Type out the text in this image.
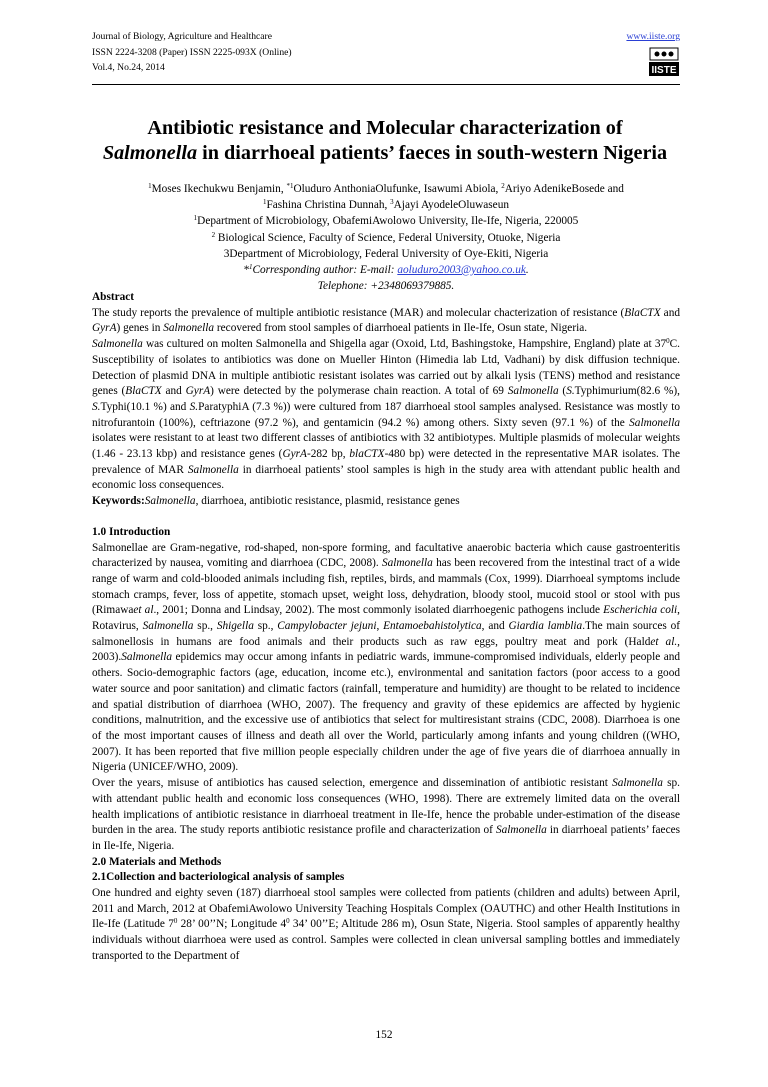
Journal of Biology, Agriculture and Healthcare	www.iiste.org
ISSN 2224-3208 (Paper) ISSN 2225-093X (Online)
Vol.4, No.24, 2014	IISTE
Antibiotic resistance and Molecular characterization of
Salmonella in diarrhoeal patients’ faeces in south-western Nigeria
$^1$Moses Ikechukwu Benjamin, $^{*1}$Oluduro AnthoniaOlufunke, Isawumi Abiola, $^2$Ariyo AdenikeBosede and
$^1$Fashina Christina Dunnah, $^3$Ajayi AyodeleOluwaseun
$^1$Department of Microbiology, ObafemiAwolowo University, Ile-Ife, Nigeria, 220005
$^2$ Biological Science, Faculty of Science, Federal University, Otuoke, Nigeria
3Department of Microbiology, Federal University of Oye-Ekiti, Nigeria
*$^1$Corresponding author: E-mail: aoluduro2003@yahoo.co.uk.
Telephone: +2348069379885.

Abstract

The study reports the prevalence of multiple antibiotic resistance (MAR) and molecular chacterization of resistance (BlaCTX and GyrA) genes in Salmonella recovered from stool samples of diarrhoeal patients in Ile-Ife, Osun state, Nigeria.

Salmonella was cultured on molten Salmonella and Shigella agar (Oxoid, Ltd, Bashingstoke, Hampshire, England) plate at $37^0C$. Susceptibility of isolates to antibiotics was done on Mueller Hinton (Himedia lab Ltd, Vadhani) by disk diffusion technique. Detection of plasmid DNA in multiple antibiotic resistant isolates was carried out by alkali lysis (TENS) method and resistance genes (BlaCTX and GyrA) were detected by the polymerase chain reaction. A total of 69 Salmonella (S.Typhimurium(82.6 %), S.Typhi(10.1 %) and S.ParatyphiA (7.3 %)) were cultured from 187 diarrhoeal stool samples analysed. Resistance was mostly to nitrofurantoin (100%), ceftriazone (97.2 %), and gentamicin (94.2 %) among others. Sixty seven (97.1 %) of the Salmonella isolates were resistant to at least two different classes of antibiotics with 32 antibiotypes. Multiple plasmids of molecular weights (1.46 - 23.13 kbp) and resistance genes (GyrA-282 bp, blaCTX-480 bp) were detected in the representative MAR isolates. The prevalence of MAR Salmonella in diarrhoeal patients’ stool samples is high in the study area with attendant public health and economic loss consequences.

Keywords:Salmonella, diarrhoea, antibiotic resistance, plasmid, resistance genes

1.0 Introduction

Salmonellae are Gram-negative, rod-shaped, non-spore forming, and facultative anaerobic bacteria which cause gastroenteritis characterized by nausea, vomiting and diarrhoea (CDC, 2008). Salmonella has been recovered from the intestinal tract of a wide range of warm and cold-blooded animals including fish, reptiles, birds, and mammals (Cox, 1999). Diarrhoeal symptoms include stomach cramps, fever, loss of appetite, stomach upset, weight loss, dehydration, bloody stool, mucoid stool or stool with pus (Rimawaet al., 2001; Donna and Lindsay, 2002). The most commonly isolated diarrhoegenic pathogens include Escherichia coli, Rotavirus, Salmonella sp., Shigella sp., Campylobacter jejuni, Entamoebahistolytica, and Giardia lamblia.The main sources of salmonellosis in humans are food animals and their products such as raw eggs, poultry meat and pork (Haldet al., 2003).Salmonella epidemics may occur among infants in pediatric wards, immune-compromised individuals, elderly people and others. Socio-demographic factors (age, education, income etc.), environmental and sanitation factors (poor access to a good water source and poor sanitation) and climatic factors (rainfall, temperature and humidity) are thought to be related to incidence and spatial distribution of diarrhoea (WHO, 2007). The frequency and gravity of these epidemics are affected by hygienic conditions, malnutrition, and the excessive use of antibiotics that select for multiresistant strains (CDC, 2008). Diarrhoea is one of the most important causes of illness and death all over the World, particularly among infants and young children ((WHO, 2007). It has been reported that five million people especially children under the age of five years die of diarrhoea annually in Nigeria (UNICEF/WHO, 2009).

Over the years, misuse of antibiotics has caused selection, emergence and dissemination of antibiotic resistant Salmonella sp. with attendant public health and economic loss consequences (WHO, 1998). There are extremely limited data on the overall health implications of antibiotic resistance in diarrhoeal treatment in Ile-Ife, hence the probable under-estimation of the disease burden in the area. The study reports antibiotic resistance profile and characterization of Salmonella in diarrhoeal patients’ faeces in Ile-Ife, Nigeria.

2.0 Materials and Methods

2.1Collection and bacteriological analysis of samples

One hundred and eighty seven (187) diarrhoeal stool samples were collected from patients (children and adults) between April, 2011 and March, 2012 at ObafemiAwolowo University Teaching Hospitals Complex (OAUTHC) and other Health Institutions in Ile-Ife (Latitude $7^0$ 28’ 00’’N; Longitude $4^0$ 34’ 00’’E; Altitude 286 m), Osun State, Nigeria. Stool samples of apparently healthy individuals without diarrhoea were used as control. Samples were collected in clean universal sampling bottles and immediately transported to the Department of

152
